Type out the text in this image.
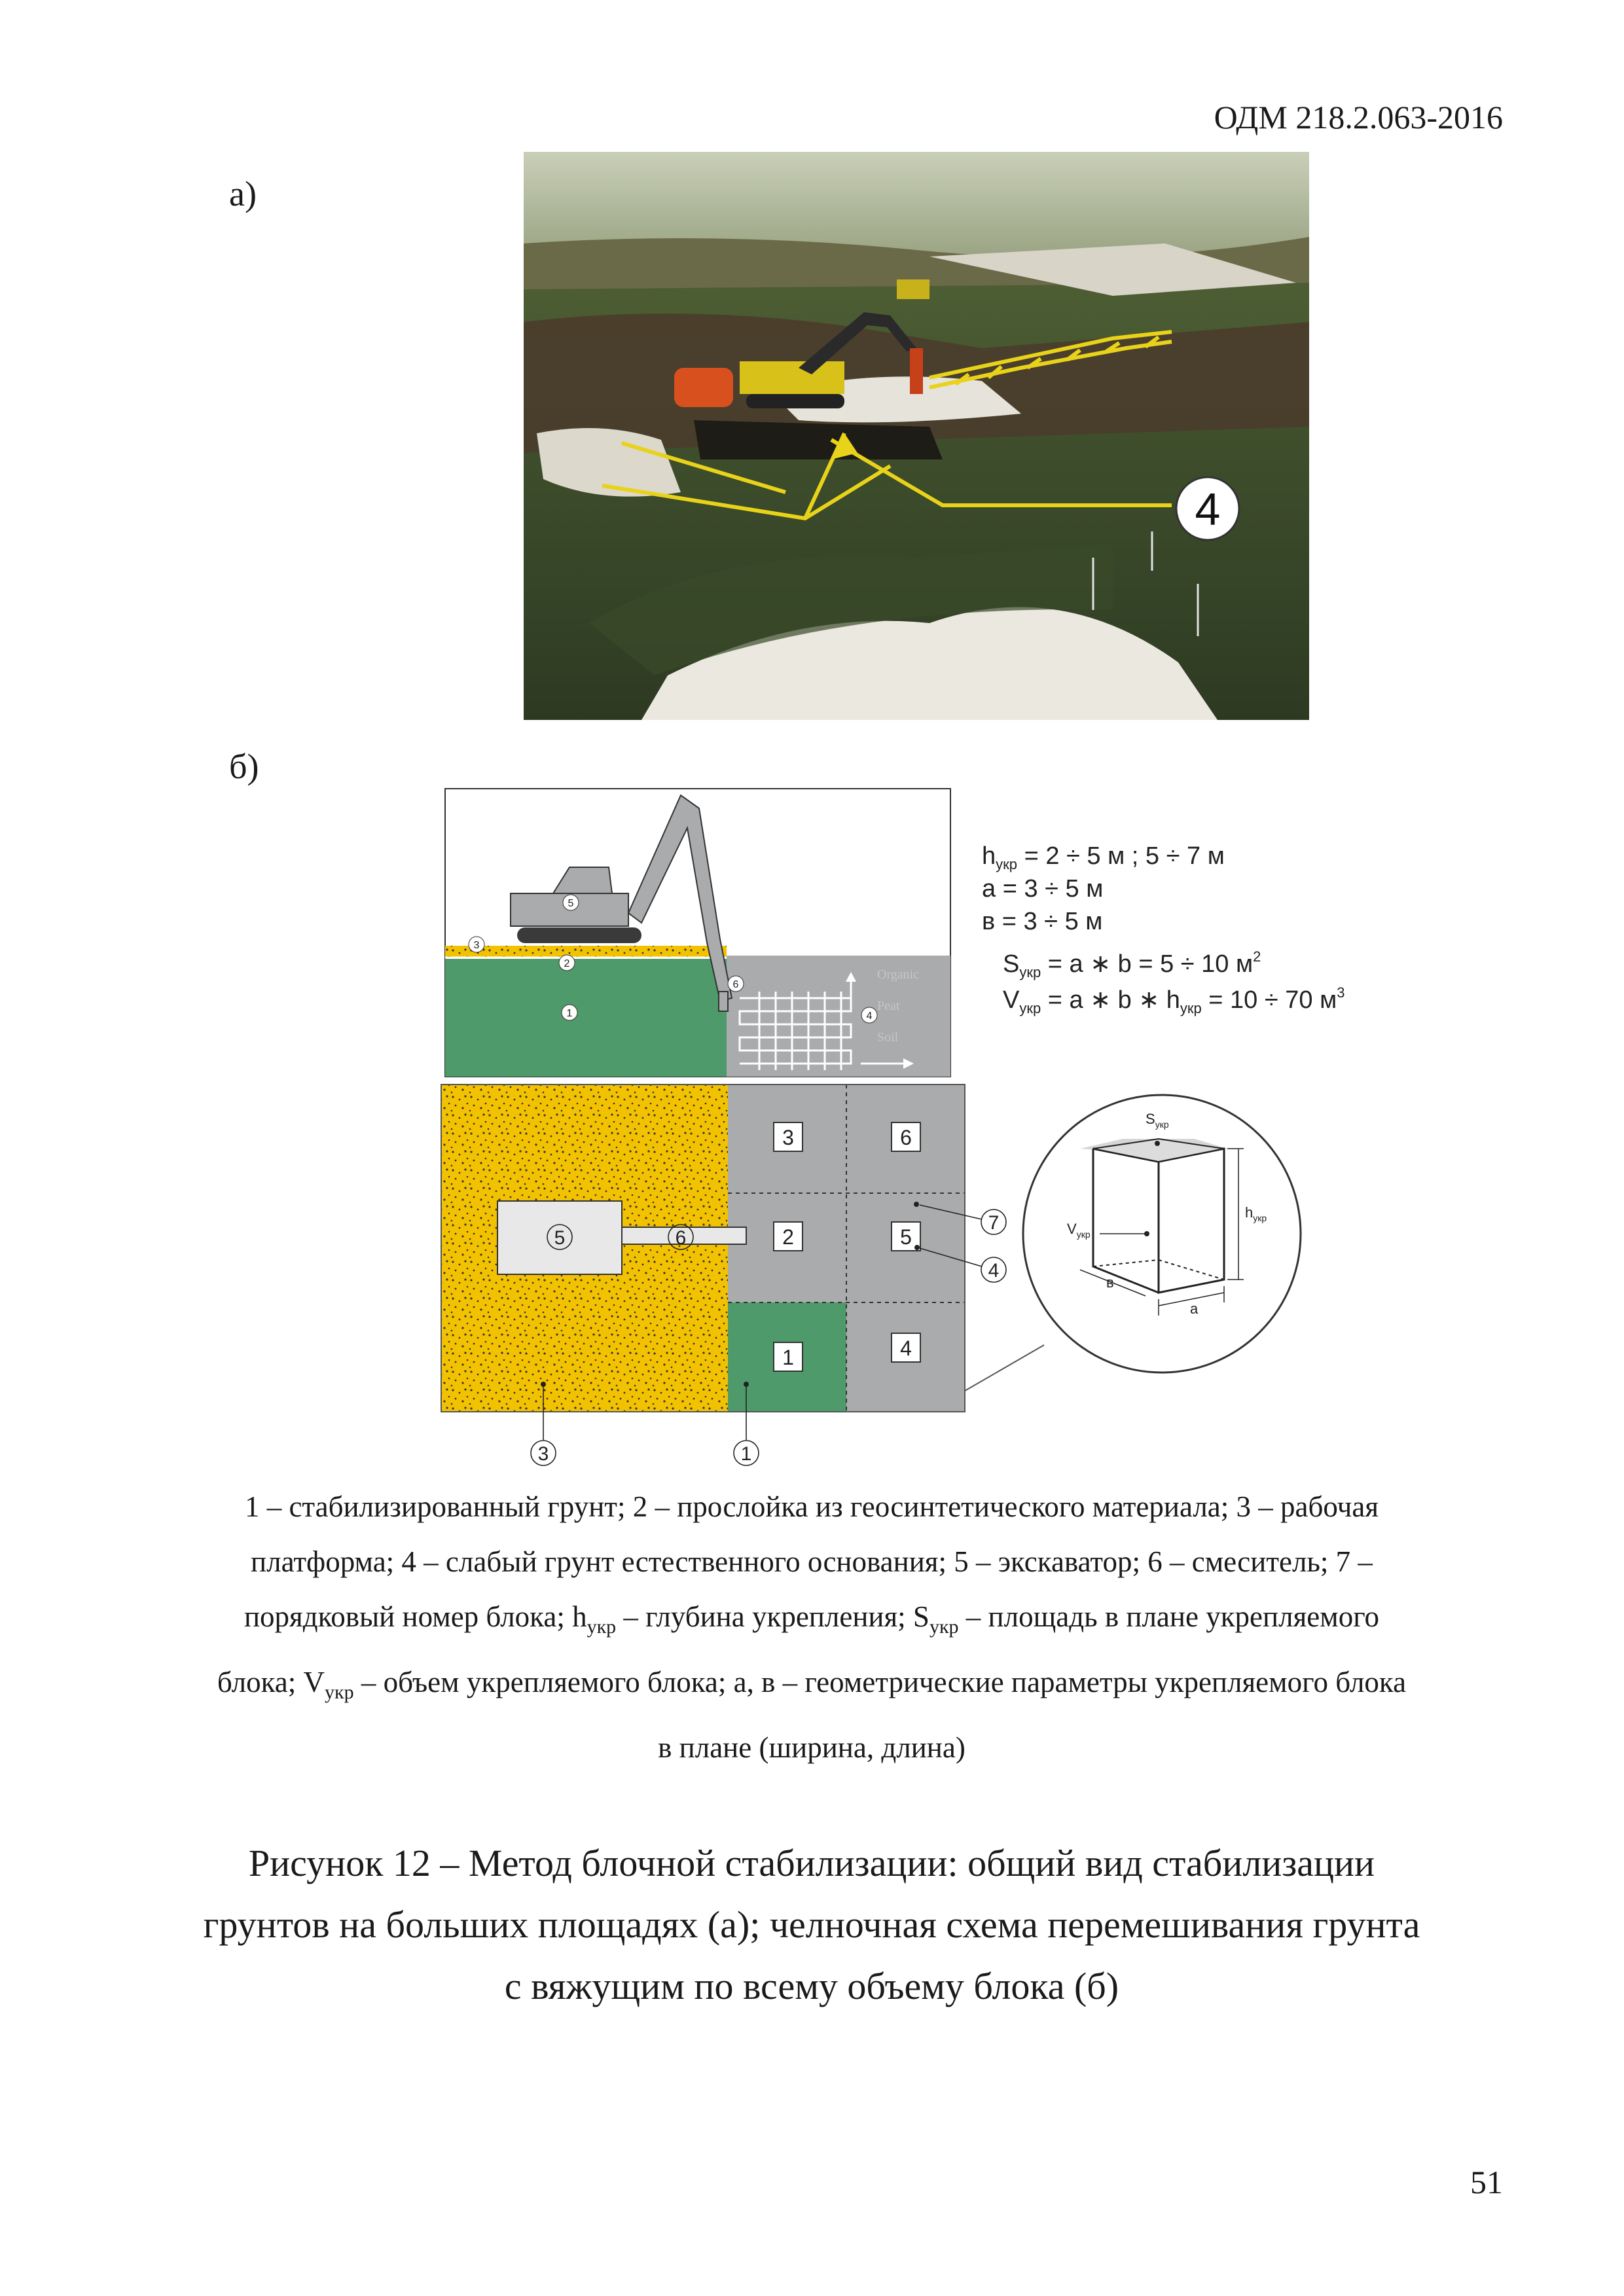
ОДМ 218.2.063-2016
а)
б)
4
Organic
Peat
Soil
5
3
2
1
6
4
$h_{укр} = 2 \div 5$ м ; 5 ÷ 7 м
а = 3 ÷ 5 м
в = 3 ÷ 5 м
$S_{укр} = а$ ∗ b = 5 ÷ 10 $м^2$
$V_{укр} = а$ ∗ b ∗ $h_{укр} = 10 \div 70$ $м^3$
3	6
2	5
1	4
5	6
7
4
3	1
$S_{укр}$
$V_{укр}$
$h_{укр}$
в
а
1 – стабилизированный грунт; 2 – прослойка из геосинтетического материала; 3 – рабочая платформа; 4 – слабый грунт естественного основания; 5 – экскаватор; 6 – смеситель; 7 – порядковый номер блока; $h_{укр}$ – глубина укрепления; $S_{укр}$ – площадь в плане укрепляемого блока; $V_{укр}$ – объем укрепляемого блока; а, в – геометрические параметры укрепляемого блока в плане (ширина, длина)
Рисунок 12 – Метод блочной стабилизации: общий вид стабилизации грунтов на больших площадях (а); челночная схема перемешивания грунта с вяжущим по всему объему блока (б)
51
